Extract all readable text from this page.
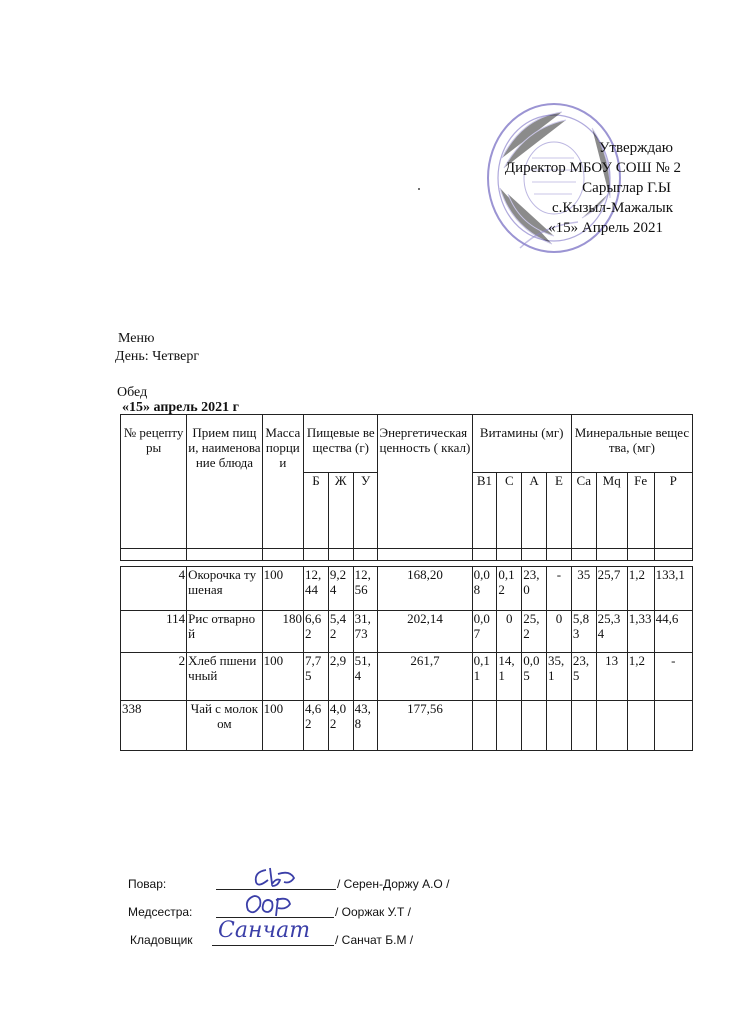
Утверждаю
Директор МБОУ СОШ № 2
Сарыглар Г.Ы
с.Кызыл-Мажалык
«15» Апрель 2021
Меню
День: Четверг
Обед
«15» апрель 2021 г
№ рецептуры	Прием пищи, наименование блюда	Масса порции	Пищевые вещества (г)			Энергетическая ценность ( ккал)	Витамины (мг)				Минеральные вещества, (мг)			
			Б	Ж	У		В1	С	А	Е	Са	Mq	Fe	Р

4	Окорочка тушеная	100	12,44	9,24	12,56	168,20	0,08	0,12	23,0	-	35	25,7	1,2	133,1
114	Рис отварной	180	6,62	5,42	31,73	202,14	0,07	0	25,2	0	5,83	25,34	1,33	44,6
2	Хлеб пшеничный	100	7,75	2,9	51,4	261,7	0,11	14,1	0,05	35,1	23,5	13	1,2	-
338	Чай с молоком	100	4,62	4,02	43,8	177,56								
Повар:	/ Серен-Доржу А.О /
Медсестра:	/ Ооржак У.Т /
Кладовщик Санчат / Санчат Б.М /
